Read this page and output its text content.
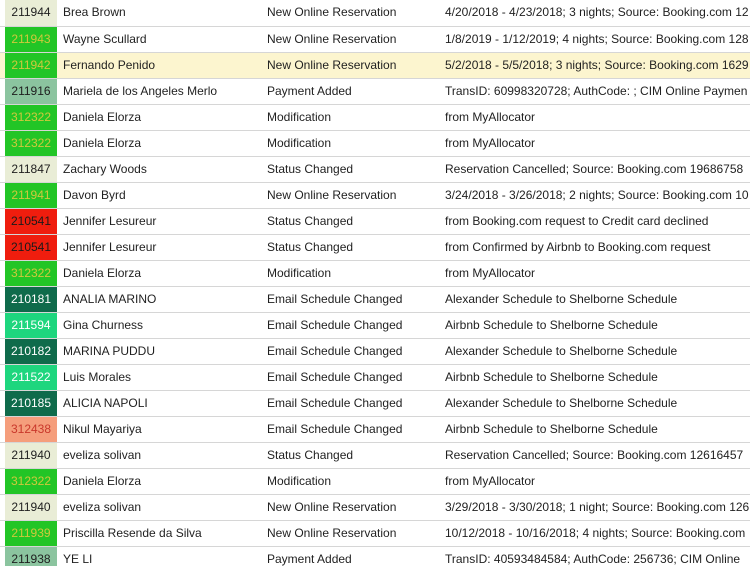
211944	Brea Brown	New Online Reservation	4/20/2018 - 4/23/2018; 3 nights; Source: Booking.com 12
211943	Wayne Scullard	New Online Reservation	1/8/2019 - 1/12/2019; 4 nights; Source: Booking.com 128
211942	Fernando Penido	New Online Reservation	5/2/2018 - 5/5/2018; 3 nights; Source: Booking.com 1629
211916	Mariela de los Angeles Merlo	Payment Added	TransID: 60998320728; AuthCode: ; CIM Online Paymen
312322 Daniela Elorza	Modification	from MyAllocator
312322 Daniela Elorza	Modification	from MyAllocator
211847	Zachary Woods	Status Changed	Reservation Cancelled; Source: Booking.com 19686758
211941	Davon Byrd	New Online Reservation	3/24/2018 - 3/26/2018; 2 nights; Source: Booking.com 10
210541 Jennifer Lesureur	Status Changed	from Booking.com request to Credit card declined
210541 Jennifer Lesureur	Status Changed	from Confirmed by Airbnb to Booking.com request
312322 Daniela Elorza	Modification	from MyAllocator
210181 ANALIA MARINO	Email Schedule Changed	Alexander Schedule to Shelborne Schedule
211594	Gina Churness	Email Schedule Changed	Airbnb Schedule to Shelborne Schedule
210182 MARINA PUDDU	Email Schedule Changed	Alexander Schedule to Shelborne Schedule
211522	Luis Morales	Email Schedule Changed	Airbnb Schedule to Shelborne Schedule
210185 ALICIA NAPOLI	Email Schedule Changed	Alexander Schedule to Shelborne Schedule
312438 Nikul Mayariya	Email Schedule Changed	Airbnb Schedule to Shelborne Schedule
211940	eveliza solivan	Status Changed	Reservation Cancelled; Source: Booking.com 12616457
312322 Daniela Elorza	Modification	from MyAllocator
211940	eveliza solivan	New Online Reservation	3/29/2018 - 3/30/2018; 1 night; Source: Booking.com 126
211939	Priscilla Resende da Silva	New Online Reservation	10/12/2018 - 10/16/2018; 4 nights; Source: Booking.com
211938	YE LI	Payment Added	TransID: 40593484584; AuthCode: 256736; CIM Online
